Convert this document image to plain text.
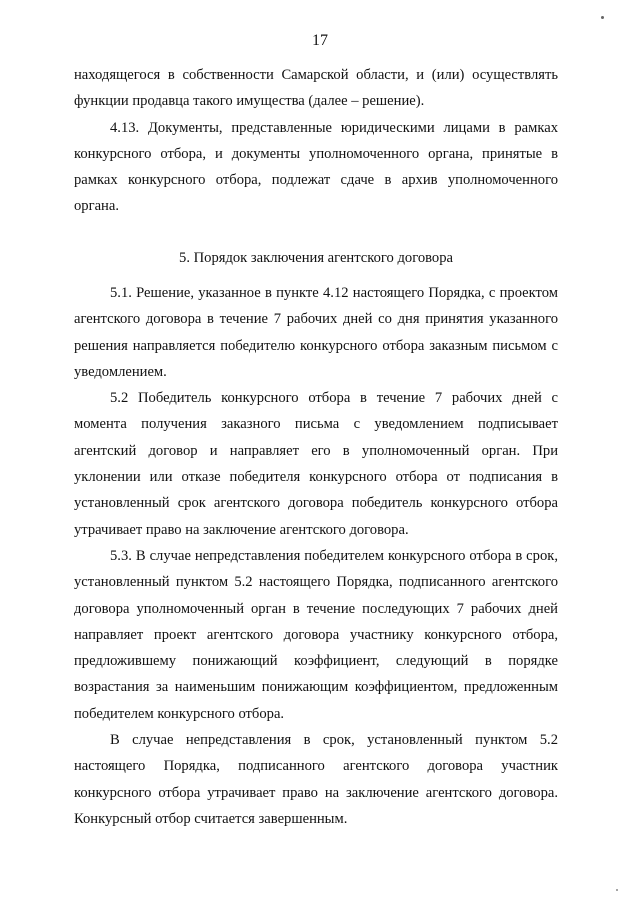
17

находящегося в собственности Самарской области, и (или) осуществлять функции продавца такого имущества (далее – решение).

4.13. Документы, представленные юридическими лицами в рамках конкурсного отбора, и документы уполномоченного органа, принятые в рамках конкурсного отбора, подлежат сдаче в архив уполномоченного органа.

5. Порядок заключения агентского договора

5.1. Решение, указанное в пункте 4.12 настоящего Порядка, с проектом агентского договора в течение 7 рабочих дней со дня принятия указанного решения направляется победителю конкурсного отбора заказным письмом с уведомлением.

5.2 Победитель конкурсного отбора в течение 7 рабочих дней с момента получения заказного письма с уведомлением подписывает агентский договор и направляет его в уполномоченный орган. При уклонении или отказе победителя конкурсного отбора от подписания в установленный срок агентского договора победитель конкурсного отбора утрачивает право на заключение агентского договора.

5.3. В случае непредставления победителем конкурсного отбора в срок, установленный пунктом 5.2 настоящего Порядка, подписанного агентского договора уполномоченный орган в течение последующих 7 рабочих дней направляет проект агентского договора участнику конкурсного отбора, предложившему понижающий коэффициент, следующий в порядке возрастания за наименьшим понижающим коэффициентом, предложенным победителем конкурсного отбора.

В случае непредставления в срок, установленный пунктом 5.2 настоящего Порядка, подписанного агентского договора участник конкурсного отбора утрачивает право на заключение агентского договора. Конкурсный отбор считается завершенным.
